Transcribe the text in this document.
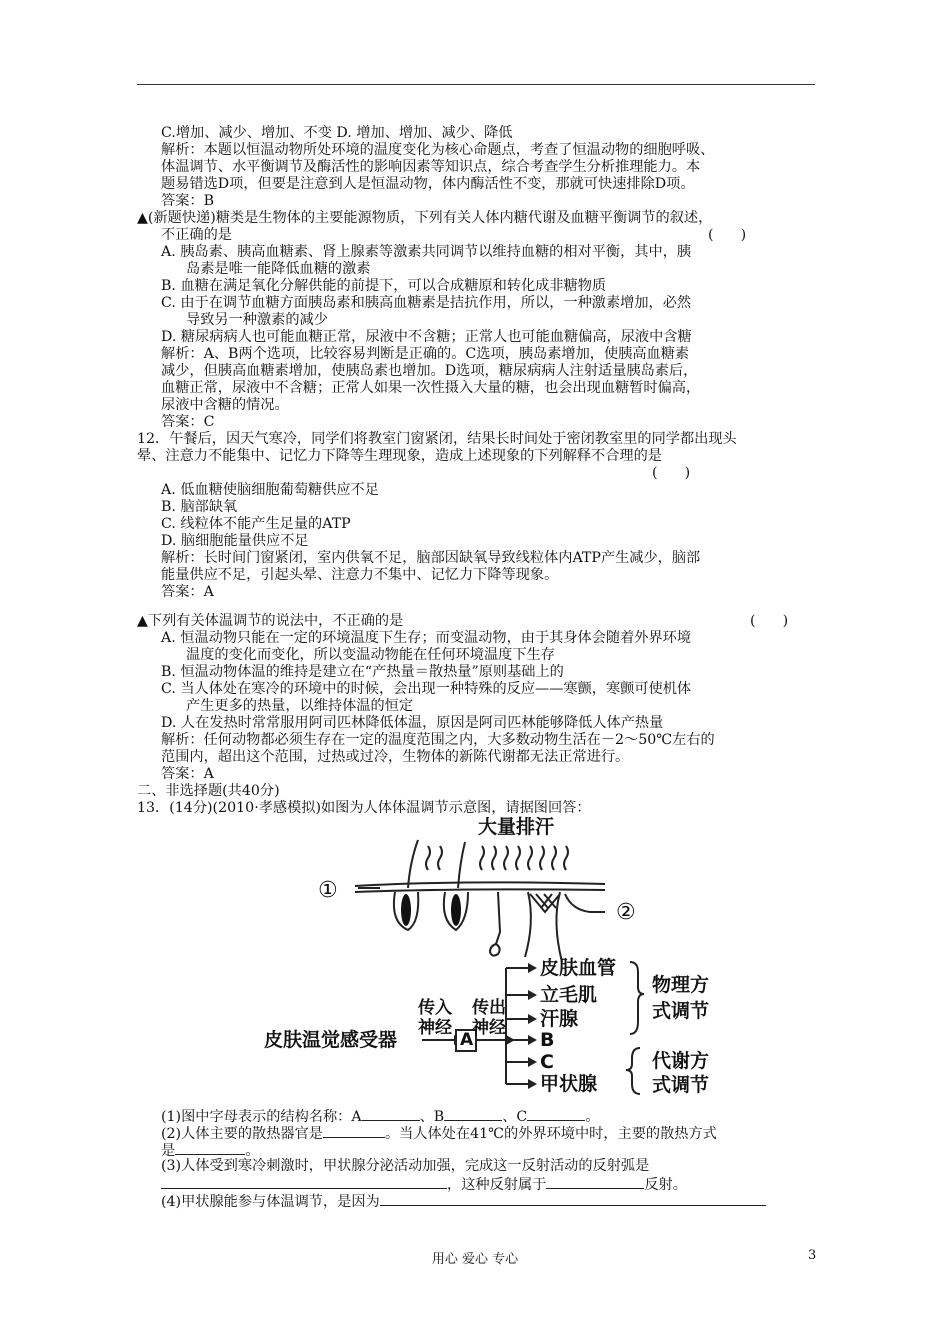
C.增加、减少、增加、不变 D. 增加、增加、减少、降低
解析：本题以恒温动物所处环境的温度变化为核心命题点，考查了恒温动物的细胞呼吸、
体温调节、水平衡调节及酶活性的影响因素等知识点，综合考查学生分析推理能力。本
题易错选D项，但要是注意到人是恒温动物，体内酶活性不变，那就可快速排除D项。
答案：B
▲(新题快递)糖类是生物体的主要能源物质，下列有关人体内糖代谢及血糖平衡调节的叙述，
不正确的是	(      )
A. 胰岛素、胰高血糖素、肾上腺素等激素共同调节以维持血糖的相对平衡，其中，胰
岛素是唯一能降低血糖的激素
B. 血糖在满足氧化分解供能的前提下，可以合成糖原和转化成非糖物质
C. 由于在调节血糖方面胰岛素和胰高血糖素是拮抗作用，所以，一种激素增加，必然
导致另一种激素的减少
D. 糖尿病病人也可能血糖正常，尿液中不含糖；正常人也可能血糖偏高，尿液中含糖
解析：A、B两个选项，比较容易判断是正确的。C选项，胰岛素增加，使胰高血糖素
减少，但胰高血糖素增加，使胰岛素也增加。D选项，糖尿病病人注射适量胰岛素后，
血糖正常，尿液中不含糖；正常人如果一次性摄入大量的糖，也会出现血糖暂时偏高，
尿液中含糖的情况。
答案：C
12．午餐后，因天气寒冷，同学们将教室门窗紧闭，结果长时间处于密闭教室里的同学都出现头
晕、注意力不能集中、记忆力下降等生理现象，造成上述现象的下列解释不合理的是
(      )
A. 低血糖使脑细胞葡萄糖供应不足
B. 脑部缺氧
C. 线粒体不能产生足量的ATP
D. 脑细胞能量供应不足
解析：长时间门窗紧闭，室内供氧不足，脑部因缺氧导致线粒体内ATP产生减少，脑部
能量供应不足，引起头晕、注意力不集中、记忆力下降等现象。
答案：A
▲下列有关体温调节的说法中，不正确的是	(      )
A. 恒温动物只能在一定的环境温度下生存；而变温动物，由于其身体会随着外界环境
温度的变化而变化，所以变温动物能在任何环境温度下生存
B. 恒温动物体温的维持是建立在“产热量＝散热量”原则基础上的
C. 当人体处在寒冷的环境中的时候，会出现一种特殊的反应——寒颤，寒颤可使机体
产生更多的热量，以维持体温的恒定
D. 人在发热时常常服用阿司匹林降低体温，原因是阿司匹林能够降低人体产热量
解析：任何动物都必须生存在一定的温度范围之内，大多数动物生活在－2～50℃左右的
范围内，超出这个范围，过热或过冷，生物体的新陈代谢都无法正常进行。
答案：A
二、非选择题(共40分)
13．(14分)(2010·孝感模拟)如图为人体体温调节示意图，请据图回答：
大量排汗
①
②
皮肤温觉感受器
传入
神经
传出
神经
A
皮肤血管
立毛肌
汗腺
B
C
甲状腺
物理方
式调节
代谢方
式调节
(1)图中字母表示的结构名称：A	、B	、C	。
(2)人体主要的散热器官是	。当人体处在41℃的外界环境中时，主要的散热方式
是	。
(3)人体受到寒冷刺激时，甲状腺分泌活动加强，完成这一反射活动的反射弧是
，这种反射属于	反射。
(4)甲状腺能参与体温调节，是因为
用心 爱心 专心	3
